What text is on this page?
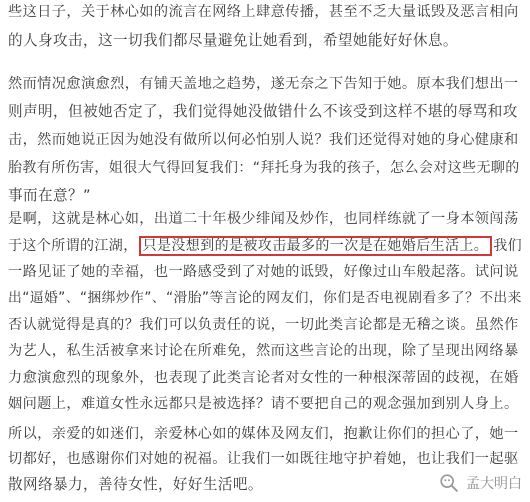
些这日子，关于林心如的流言在网络上肆意传播，甚至不乏大量诋毁及恶言相向
的人身攻击，这一切我们都尽量避免让她看到，希望她能好好休息。
然而情况愈演愈烈，有铺天盖地之趋势，遂无奈之下告知于她。原本我们想出一
则声明，但被她否定了，我们觉得她没做错什么不该受到这样不堪的辱骂和攻
击，然而她说正因为她没有做所以何必怕别人说？我们还觉得对她的身心健康和
胎教有所伤害，姐很大气得回复我们：“拜托身为我的孩子，怎么会对这些无聊的
事而在意？”
是啊，这就是林心如，出道二十年极少绯闻及炒作，也同样练就了一身本领闯荡
于这个所谓的江湖， 只是没想到的是被攻击最多的一次是在她婚后生活上。 我们
一路见证了她的幸福，也一路感受到了对她的诋毁，好像过山车般起落。试问说
出“逼婚”、“捆绑炒作”、“滑胎”等言论的网友们，你们是否电视剧看多了？不出来
否认就觉得是真的？我们可以负责任的说，一切此类言论都是无稽之谈。虽然作
为艺人，私生活被拿来讨论在所难免，然而这些言论的出现，除了呈现出网络暴
力愈演愈烈的现象外，也表现了此类言论者对女性的一种根深蒂固的歧视，在婚
姻问题上，难道女性永远都只是被选择？请不要把自己的观念强加到别人身上。
所以，亲爱的如迷们，亲爱林心如的媒体及网友们，抱歉让你们的担心了，她一
切都好，也感谢你们对她的祝福。让我们一如既往地守护着她，也让我们一起驱
散网络暴力，善待女性，好好生活吧。	孟大明白
